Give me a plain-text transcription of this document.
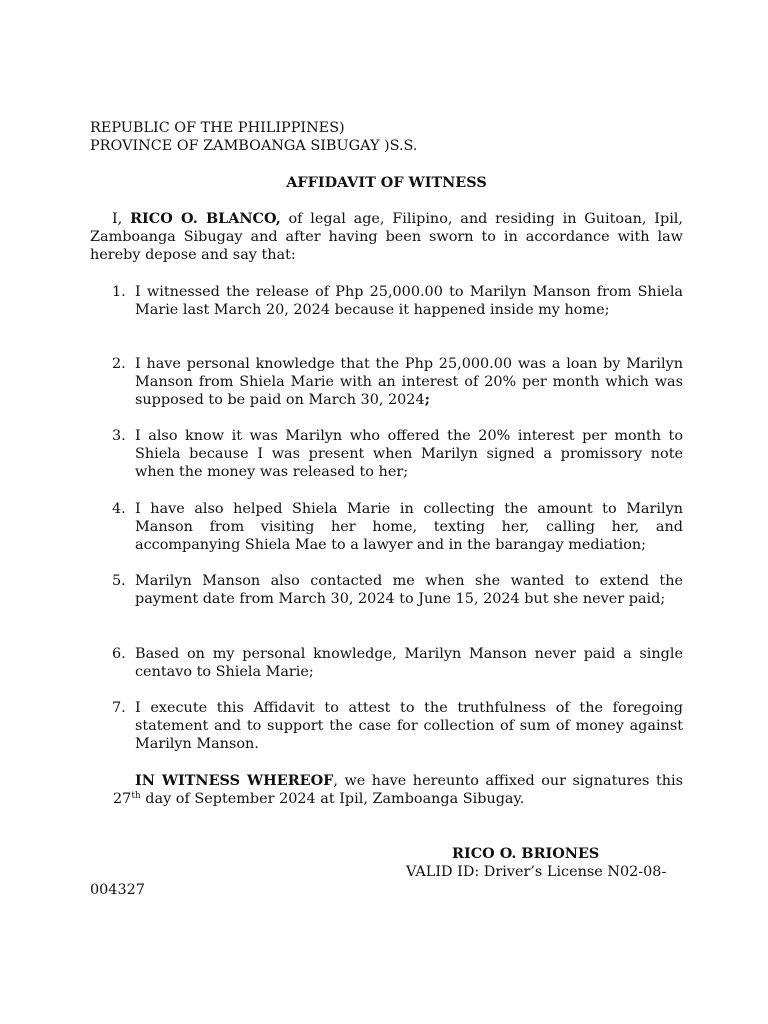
REPUBLIC OF THE PHILIPPINES)
PROVINCE OF ZAMBOANGA SIBUGAY )S.S.
AFFIDAVIT OF WITNESS

I, RICO O. BLANCO, of legal age, Filipino, and residing in Guitoan, Ipil, Zamboanga Sibugay and after having been sworn to in accordance with law hereby depose and say that:

1. I witnessed the release of Php 25,000.00 to Marilyn Manson from Shiela Marie last March 20, 2024 because it happened inside my home;
2. I have personal knowledge that the Php 25,000.00 was a loan by Marilyn Manson from Shiela Marie with an interest of 20% per month which was supposed to be paid on March 30, 2024;
3. I also know it was Marilyn who offered the 20% interest per month to Shiela because I was present when Marilyn signed a promissory note when the money was released to her;
4. I have also helped Shiela Marie in collecting the amount to Marilyn Manson from visiting her home, texting her, calling her, and accompanying Shiela Mae to a lawyer and in the barangay mediation;
5. Marilyn Manson also contacted me when she wanted to extend the payment date from March 30, 2024 to June 15, 2024 but she never paid;
6. Based on my personal knowledge, Marilyn Manson never paid a single centavo to Shiela Marie;
7. I execute this Affidavit to attest to the truthfulness of the foregoing statement and to support the case for collection of sum of money against Marilyn Manson.

IN WITNESS WHEREOF, we have hereunto affixed our signatures this 27th day of September 2024 at Ipil, Zamboanga Sibugay.

RICO O. BRIONES
VALID ID: Driver’s License N02-08-
004327
